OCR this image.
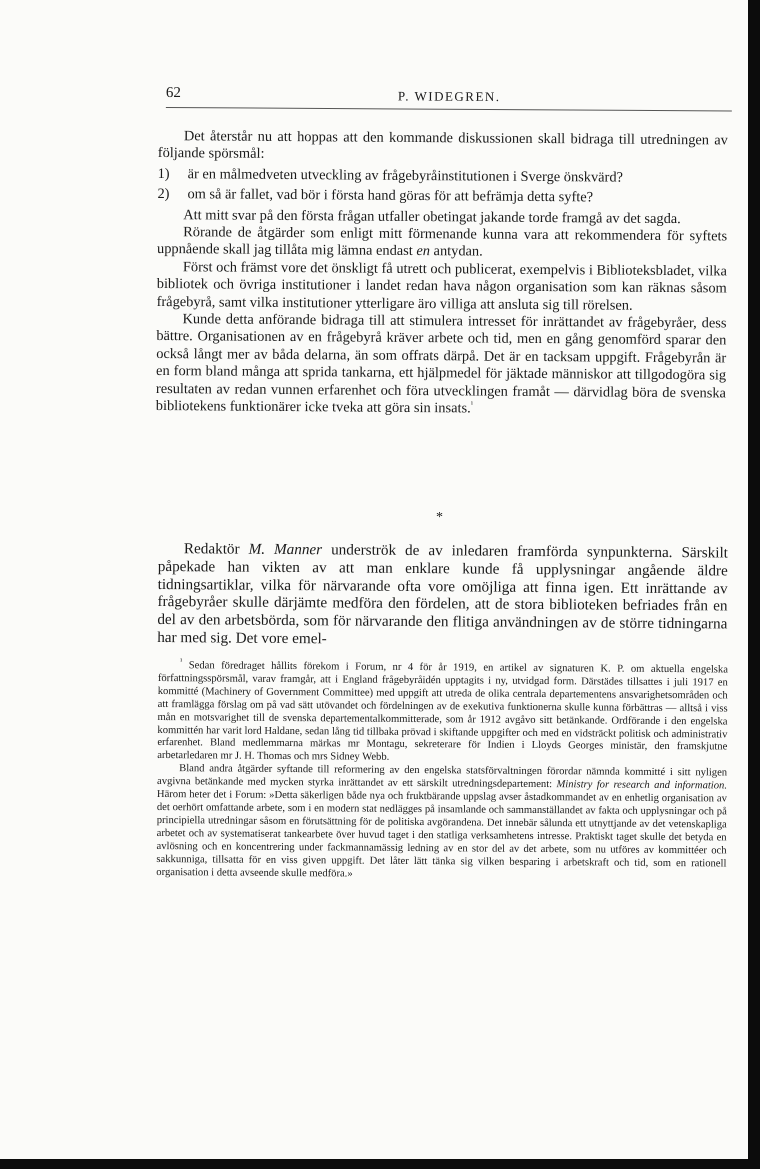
62	P. WIDEGREN.

Det återstår nu att hoppas att den kommande diskussionen skall bidraga till utredningen av följande spörsmål:

1) är en målmedveten utveckling av frågebyråinstitutionen i Sverge önskvärd?

2) om så är fallet, vad bör i första hand göras för att befrämja detta syfte?

Att mitt svar på den första frågan utfaller obetingat jakande torde framgå av det sagda.

Rörande de åtgärder som enligt mitt förmenande kunna vara att rekommendera för syftets uppnående skall jag tillåta mig lämna endast en antydan.

Först och främst vore det önskligt få utrett och publicerat, exempelvis i Biblioteksbladet, vilka bibliotek och övriga institutioner i landet redan hava någon organisation som kan räknas såsom frågebyrå, samt vilka institutioner ytterligare äro villiga att ansluta sig till rörelsen.

Kunde detta anförande bidraga till att stimulera intresset för inrättandet av frågebyråer, dess bättre. Organisationen av en frågebyrå kräver arbete och tid, men en gång genomförd sparar den också långt mer av båda delarna, än som offrats därpå. Det är en tacksam uppgift. Frågebyrån är en form bland många att sprida tankarna, ett hjälpmedel för jäktade människor att tillgodogöra sig resultaten av redan vunnen erfarenhet och föra utvecklingen framåt — därvidlag böra de svenska bibliotekens funktionärer icke tveka att göra sin insats.$^{^1}$

*

Redaktör M. Manner underströk de av inledaren framförda synpunkterna. Särskilt påpekade han vikten av att man enklare kunde få upplysningar angående äldre tidningsartiklar, vilka för närvarande ofta vore omöjliga att finna igen. Ett inrättande av frågebyråer skulle därjämte medföra den fördelen, att de stora biblioteken befriades från en del av den arbetsbörda, som för närvarande den flitiga användningen av de större tidningarna har med sig. Det vore emel-

$^{^1}$ Sedan föredraget hållits förekom i Forum, nr 4 för år 1919, en artikel av signaturen K. P. om aktuella engelska författningsspörsmål, varav framgår, att i England frågebyråidén upptagits i ny, utvidgad form. Därstädes tillsattes i juli 1917 en kommitté (Machinery of Government Committee) med uppgift att utreda de olika centrala departementens ansvarighetsområden och att framlägga förslag om på vad sätt utövandet och fördelningen av de exekutiva funktionerna skulle kunna förbättras — alltså i viss mån en motsvarighet till de svenska departementalkommitterade, som år 1912 avgåvo sitt betänkande. Ordförande i den engelska kommittén har varit lord Haldane, sedan lång tid tillbaka prövad i skiftande uppgifter och med en vidsträckt politisk och administrativ erfarenhet. Bland medlemmarna märkas mr Montagu, sekreterare för Indien i Lloyds Georges ministär, den framskjutne arbetarledaren mr J. H. Thomas och mrs Sidney Webb.

Bland andra åtgärder syftande till reformering av den engelska statsförvaltningen förordar nämnda kommitté i sitt nyligen avgivna betänkande med mycken styrka inrättandet av ett särskilt utredningsdepartement: Ministry for research and information. Härom heter det i Forum: »Detta säkerligen både nya och fruktbärande uppslag avser åstadkommandet av en enhetlig organisation av det oerhört omfattande arbete, som i en modern stat nedlägges på insamlande och sammanställandet av fakta och upplysningar och på principiella utredningar såsom en förutsättning för de politiska avgörandena. Det innebär sålunda ett utnyttjande av det vetenskapliga arbetet och av systematiserat tankearbete över huvud taget i den statliga verksamhetens intresse. Praktiskt taget skulle det betyda en avlösning och en koncentrering under fackmannamässig ledning av en stor del av det arbete, som nu utföres av kommittéer och sakkunniga, tillsatta för en viss given uppgift. Det låter lätt tänka sig vilken besparing i arbetskraft och tid, som en rationell organisation i detta avseende skulle medföra.»
